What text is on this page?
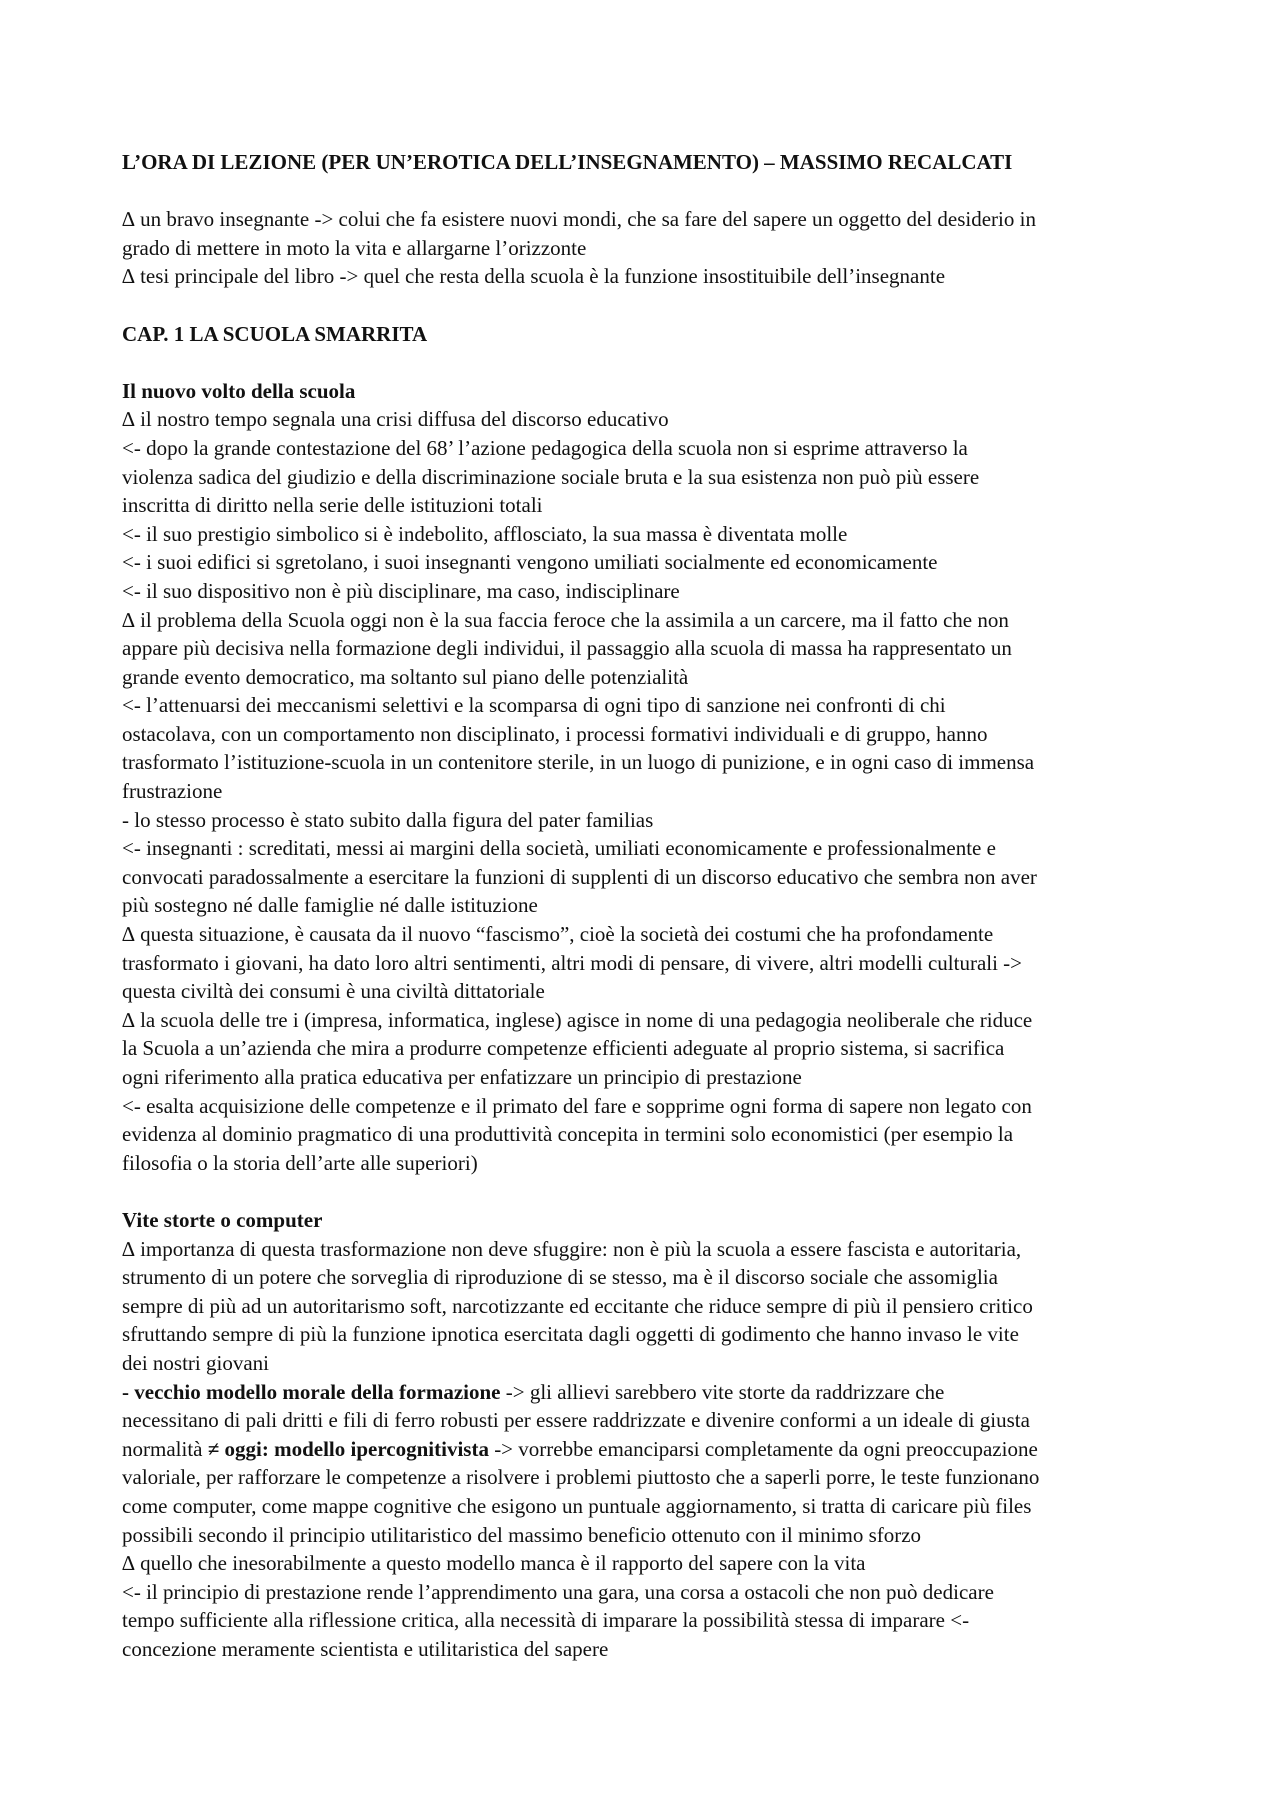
L’ORA DI LEZIONE (PER UN’EROTICA DELL’INSEGNAMENTO) – MASSIMO RECALCATI
∆ un bravo insegnante -> colui che fa esistere nuovi mondi, che sa fare del sapere un oggetto del desiderio in
grado di mettere in moto la vita e allargarne l’orizzonte
∆ tesi principale del libro -> quel che resta della scuola è la funzione insostituibile dell’insegnante
CAP. 1 LA SCUOLA SMARRITA
Il nuovo volto della scuola
∆ il nostro tempo segnala una crisi diffusa del discorso educativo
<- dopo la grande contestazione del 68’ l’azione pedagogica della scuola non si esprime attraverso la
violenza sadica del giudizio e della discriminazione sociale bruta e la sua esistenza non può più essere
inscritta di diritto nella serie delle istituzioni totali
<- il suo prestigio simbolico si è indebolito, afflosciato, la sua massa è diventata molle
<- i suoi edifici si sgretolano, i suoi insegnanti vengono umiliati socialmente ed economicamente
<- il suo dispositivo non è più disciplinare, ma caso, indisciplinare
∆ il problema della Scuola oggi non è la sua faccia feroce che la assimila a un carcere, ma il fatto che non
appare più decisiva nella formazione degli individui, il passaggio alla scuola di massa ha rappresentato un
grande evento democratico, ma soltanto sul piano delle potenzialità
<- l’attenuarsi dei meccanismi selettivi e la scomparsa di ogni tipo di sanzione nei confronti di chi
ostacolava, con un comportamento non disciplinato, i processi formativi individuali e di gruppo, hanno
trasformato l’istituzione-scuola in un contenitore sterile, in un luogo di punizione, e in ogni caso di immensa
frustrazione
- lo stesso processo è stato subito dalla figura del pater familias
<- insegnanti : screditati, messi ai margini della società, umiliati economicamente e professionalmente e
convocati paradossalmente a esercitare la funzioni di supplenti di un discorso educativo che sembra non aver
più sostegno né dalle famiglie né dalle istituzione
∆ questa situazione, è causata da il nuovo “fascismo”, cioè la società dei costumi che ha profondamente
trasformato i giovani, ha dato loro altri sentimenti, altri modi di pensare, di vivere, altri modelli culturali ->
questa civiltà dei consumi è una civiltà dittatoriale
∆ la scuola delle tre i (impresa, informatica, inglese) agisce in nome di una pedagogia neoliberale che riduce
la Scuola a un’azienda che mira a produrre competenze efficienti adeguate al proprio sistema, si sacrifica
ogni riferimento alla pratica educativa per enfatizzare un principio di prestazione
<- esalta acquisizione delle competenze e il primato del fare e sopprime ogni forma di sapere non legato con
evidenza al dominio pragmatico di una produttività concepita in termini solo economistici (per esempio la
filosofia o la storia dell’arte alle superiori)
Vite storte o computer
∆ importanza di questa trasformazione non deve sfuggire: non è più la scuola a essere fascista e autoritaria,
strumento di un potere che sorveglia di riproduzione di se stesso, ma è il discorso sociale che assomiglia
sempre di più ad un autoritarismo soft, narcotizzante ed eccitante che riduce sempre di più il pensiero critico
sfruttando sempre di più la funzione ipnotica esercitata dagli oggetti di godimento che hanno invaso le vite
dei nostri giovani
- vecchio modello morale della formazione -> gli allievi sarebbero vite storte da raddrizzare che
necessitano di pali dritti e fili di ferro robusti per essere raddrizzate e divenire conformi a un ideale di giusta
normalità ≠ oggi: modello ipercognitivista -> vorrebbe emanciparsi completamente da ogni preoccupazione
valoriale, per rafforzare le competenze a risolvere i problemi piuttosto che a saperli porre, le teste funzionano
come computer, come mappe cognitive che esigono un puntuale aggiornamento, si tratta di caricare più files
possibili secondo il principio utilitaristico del massimo beneficio ottenuto con il minimo sforzo
∆ quello che inesorabilmente a questo modello manca è il rapporto del sapere con la vita
<- il principio di prestazione rende l’apprendimento una gara, una corsa a ostacoli che non può dedicare
tempo sufficiente alla riflessione critica, alla necessità di imparare la possibilità stessa di imparare <-
concezione meramente scientista e utilitaristica del sapere
